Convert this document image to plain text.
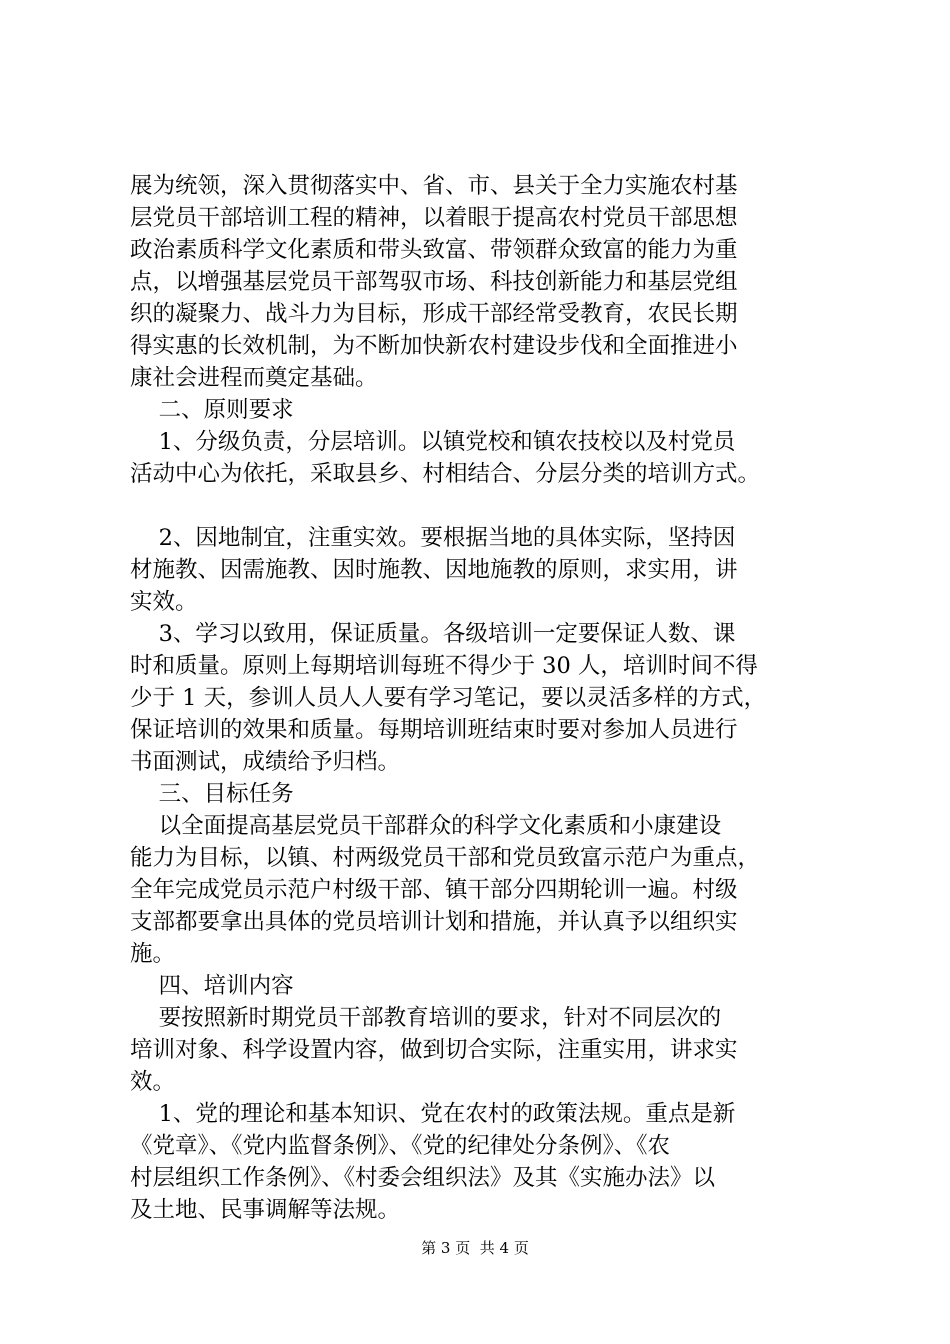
展为统领，深入贯彻落实中、省、市、县关于全力实施农村基
层党员干部培训工程的精神，以着眼于提高农村党员干部思想
政治素质科学文化素质和带头致富、带领群众致富的能力为重
点，以增强基层党员干部驾驭市场、科技创新能力和基层党组
织的凝聚力、战斗力为目标，形成干部经常受教育，农民长期
得实惠的长效机制，为不断加快新农村建设步伐和全面推进小
康社会进程而奠定基础。
二、原则要求
1、分级负责，分层培训。以镇党校和镇农技校以及村党员
活动中心为依托，采取县乡、村相结合、分层分类的培训方式。
2、因地制宜，注重实效。要根据当地的具体实际，坚持因
材施教、因需施教、因时施教、因地施教的原则，求实用，讲
实效。
3、学习以致用，保证质量。各级培训一定要保证人数、课
时和质量。原则上每期培训每班不得少于 30 人，培训时间不得
少于 1 天，参训人员人人要有学习笔记，要以灵活多样的方式，
保证培训的效果和质量。每期培训班结束时要对参加人员进行
书面测试，成绩给予归档。
三、目标任务
以全面提高基层党员干部群众的科学文化素质和小康建设
能力为目标，以镇、村两级党员干部和党员致富示范户为重点，
全年完成党员示范户村级干部、镇干部分四期轮训一遍。村级
支部都要拿出具体的党员培训计划和措施，并认真予以组织实
施。
四、培训内容
要按照新时期党员干部教育培训的要求，针对不同层次的
培训对象、科学设置内容，做到切合实际，注重实用，讲求实
效。
1、党的理论和基本知识、党在农村的政策法规。重点是新
《党章》、《党内监督条例》、《党的纪律处分条例》、《农
村层组织工作条例》、《村委会组织法》及其《实施办法》以
及土地、民事调解等法规。
第 3 页  共 4 页
